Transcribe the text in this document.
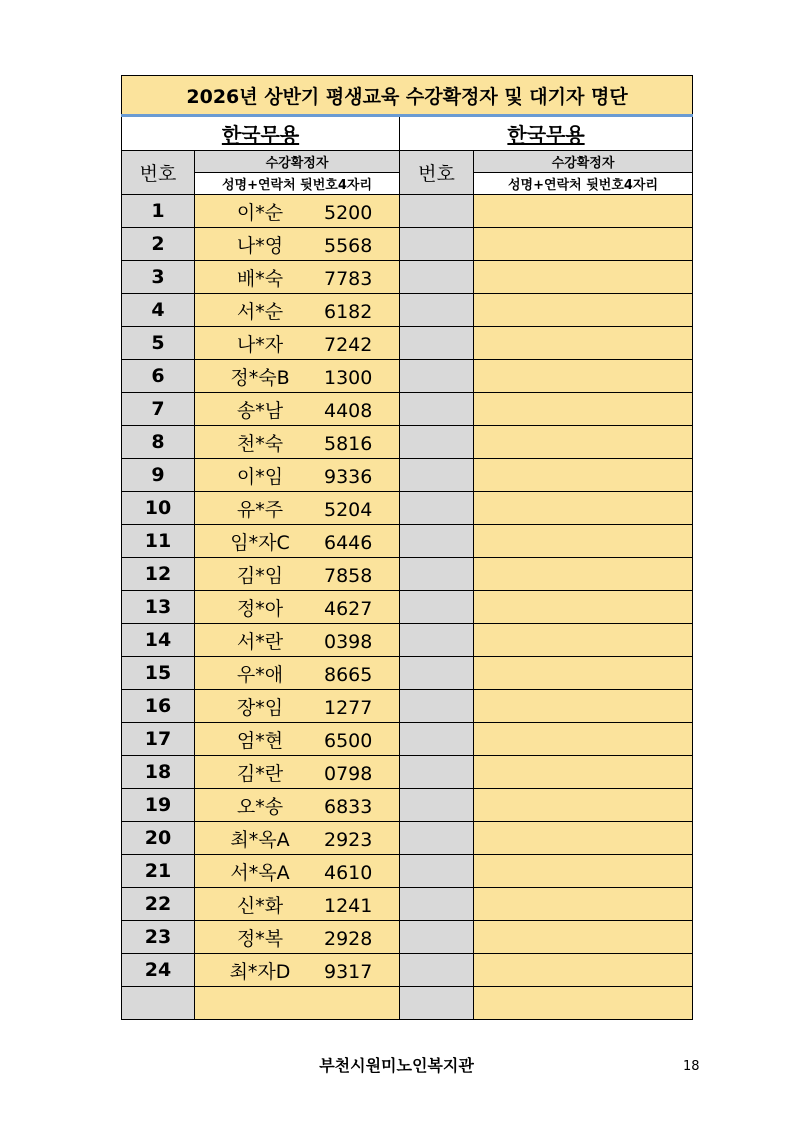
2026년 상반기 평생교육 수강확정자 및 대기자 명단			
한국무용		한국무용	
번호	수강확정자	번호	수강확정자
	성명+연락처 뒷번호4자리		성명+연락처 뒷번호4자리
1	이*순 5200		
2	나*영 5568		
3	배*숙 7783		
4	서*순 6182		
5	나*자 7242		
6	정*숙B 1300		
7	송*남 4408		
8	천*숙 5816		
9	이*임 9336		
10	유*주 5204		
11	임*자C 6446		
12	김*임 7858		
13	정*아 4627		
14	서*란 0398		
15	우*애 8665		
16	장*임 1277		
17	엄*현 6500		
18	김*란 0798		
19	오*송 6833		
20	최*옥A 2923		
21	서*옥A 4610		
22	신*화 1241		
23	정*복 2928		
24	최*자D 9317		

부천시원미노인복지관	18
